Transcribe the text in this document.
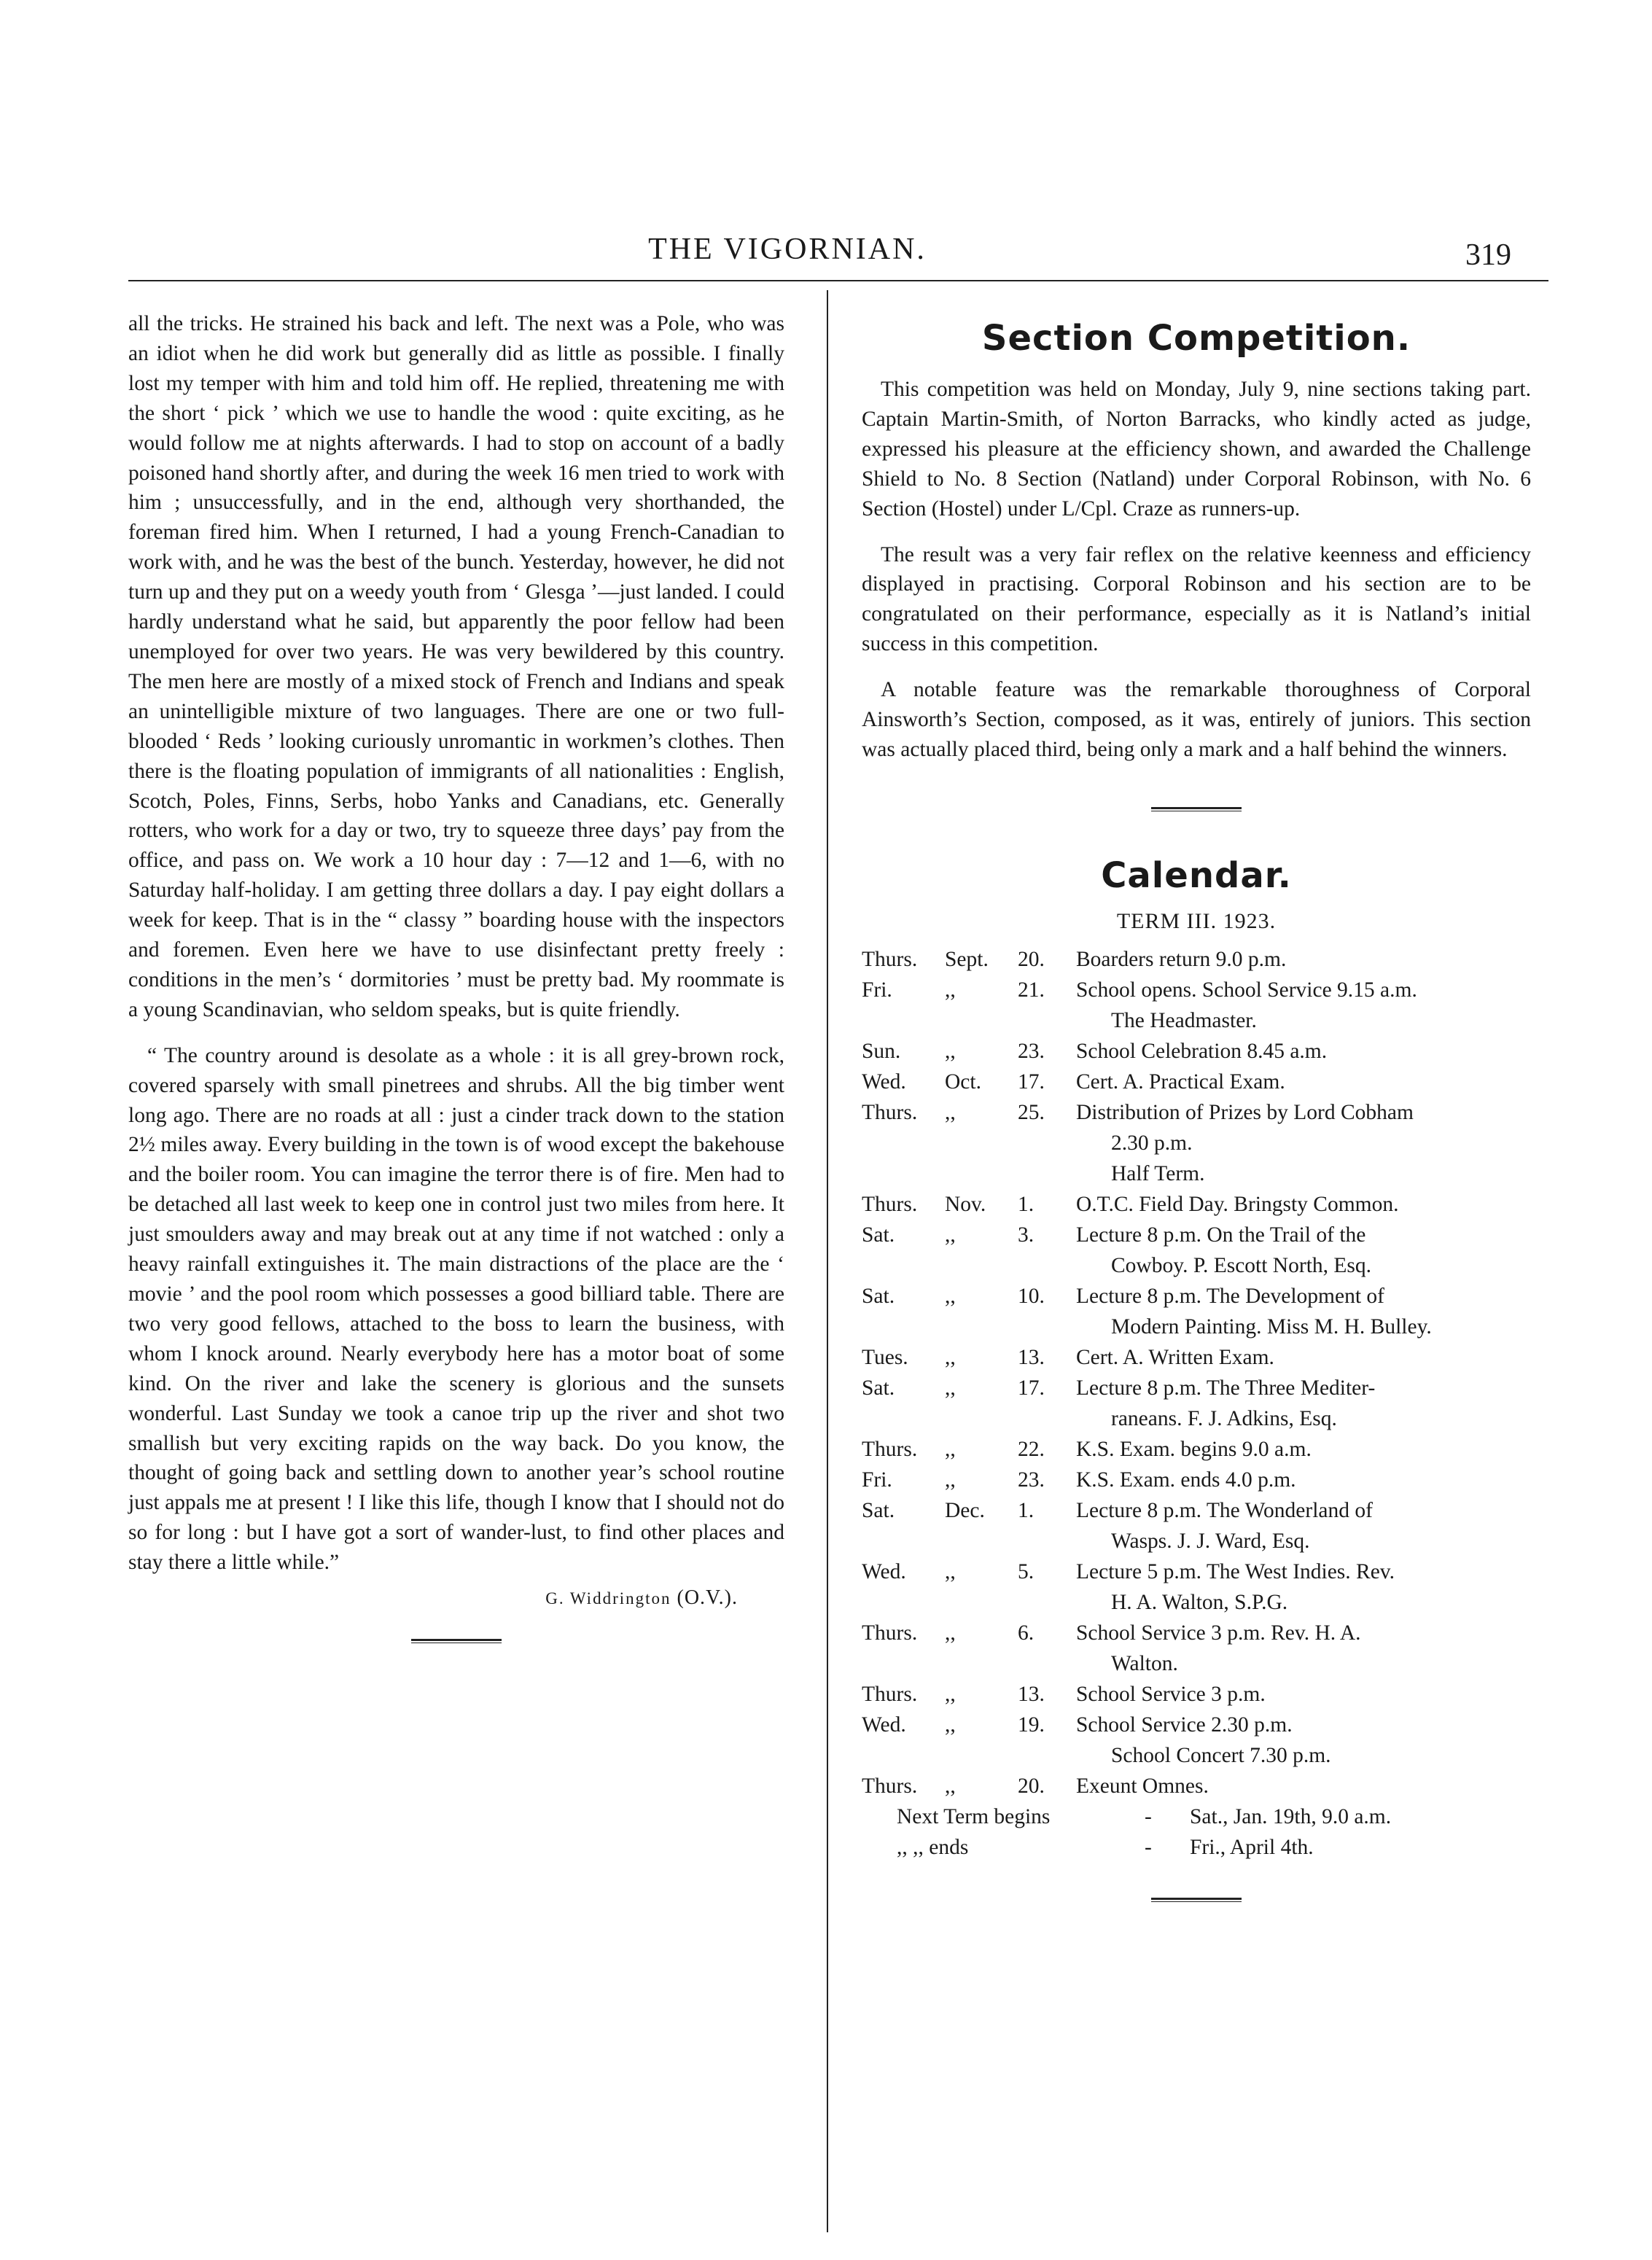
THE VIGORNIAN.	319

all the tricks. He strained his back and left. The next was a Pole, who was an idiot when he did work but generally did as little as possible. I finally lost my temper with him and told him off. He replied, threatening me with the short ‘ pick ’ which we use to handle the wood : quite exciting, as he would follow me at nights afterwards. I had to stop on account of a badly poisoned hand shortly after, and during the week 16 men tried to work with him ; unsuccessfully, and in the end, although very shorthanded, the foreman fired him. When I returned, I had a young French-Canadian to work with, and he was the best of the bunch. Yesterday, however, he did not turn up and they put on a weedy youth from ‘ Glesga ’—just landed. I could hardly understand what he said, but apparently the poor fellow had been unemployed for over two years. He was very bewildered by this country. The men here are mostly of a mixed stock of French and Indians and speak an unintelligible mixture of two languages. There are one or two full-blooded ‘ Reds ’ looking curiously unromantic in workmen’s clothes. Then there is the floating population of immigrants of all nationalities : English, Scotch, Poles, Finns, Serbs, hobo Yanks and Canadians, etc. Generally rotters, who work for a day or two, try to squeeze three days’ pay from the office, and pass on. We work a 10 hour day : 7—12 and 1—6, with no Saturday half-holiday. I am getting three dollars a day. I pay eight dollars a week for keep. That is in the “ classy ” boarding house with the inspectors and foremen. Even here we have to use disinfectant pretty freely : conditions in the men’s ‘ dormitories ’ must be pretty bad. My roommate is a young Scandinavian, who seldom speaks, but is quite friendly.

“ The country around is desolate as a whole : it is all grey-brown rock, covered sparsely with small pinetrees and shrubs. All the big timber went long ago. There are no roads at all : just a cinder track down to the station 2½ miles away. Every building in the town is of wood except the bakehouse and the boiler room. You can imagine the terror there is of fire. Men had to be detached all last week to keep one in control just two miles from here. It just smoulders away and may break out at any time if not watched : only a heavy rainfall extinguishes it. The main distractions of the place are the ‘ movie ’ and the pool room which possesses a good billiard table. There are two very good fellows, attached to the boss to learn the business, with whom I knock around. Nearly everybody here has a motor boat of some kind. On the river and lake the scenery is glorious and the sunsets wonderful. Last Sunday we took a canoe trip up the river and shot two smallish but very exciting rapids on the way back. Do you know, the thought of going back and settling down to another year’s school routine just appals me at present ! I like this life, though I know that I should not do so for long : but I have got a sort of wander-lust, to find other places and stay there a little while.”

G. Widdrington (O.V.).
Section Competition.

This competition was held on Monday, July 9, nine sections taking part. Captain Martin-Smith, of Norton Barracks, who kindly acted as judge, expressed his pleasure at the efficiency shown, and awarded the Challenge Shield to No. 8 Section (Natland) under Corporal Robinson, with No. 6 Section (Hostel) under L/Cpl. Craze as runners-up.

The result was a very fair reflex on the relative keenness and efficiency displayed in practising. Corporal Robinson and his section are to be congratulated on their performance, especially as it is Natland’s initial success in this competition.

A notable feature was the remarkable thoroughness of Corporal Ainsworth’s Section, composed, as it was, entirely of juniors. This section was actually placed third, being only a mark and a half behind the winners.

Calendar.
TERM III. 1923.
Thurs.	Sept.	20.	Boarders return 9.0 p.m.
Fri.	,,	21.	School opens. School Service 9.15 a.m.
The Headmaster.

Sun.	,,	23.	School Celebration 8.45 a.m.
Wed.	Oct.	17.	Cert. A. Practical Exam.
Thurs.	,,	25.	Distribution of Prizes by Lord Cobham
2.30 p.m.

			Half Term.

Thurs.	Nov.	1.	O.T.C. Field Day. Bringsty Common.
Sat.	,,	3.	Lecture 8 p.m. On the Trail of the
Cowboy. P. Escott North, Esq.

Sat.	,,	10.	Lecture 8 p.m. The Development of
Modern Painting. Miss M. H. Bulley.

Tues.	,,	13.	Cert. A. Written Exam.
Sat.	,,	17.	Lecture 8 p.m. The Three Mediter-
raneans. F. J. Adkins, Esq.

Thurs.	,,	22.	K.S. Exam. begins 9.0 a.m.
Fri.	,,	23.	K.S. Exam. ends 4.0 p.m.
Sat.	Dec.	1.	Lecture 8 p.m. The Wonderland of
Wasps. J. J. Ward, Esq.

Wed.	,,	5.	Lecture 5 p.m. The West Indies. Rev.
H. A. Walton, S.P.G.

Thurs.	,,	6.	School Service 3 p.m. Rev. H. A.
Walton.

Thurs.	,,	13.	School Service 3 p.m.
Wed.	,,	19.	School Service 2.30 p.m.
School Concert 7.30 p.m.

Thurs.	,,	20.	Exeunt Omnes.
Next Term begins	- Sat., Jan. 19th, 9.0 a.m.
,, ,, ends	- Fri., April 4th.
